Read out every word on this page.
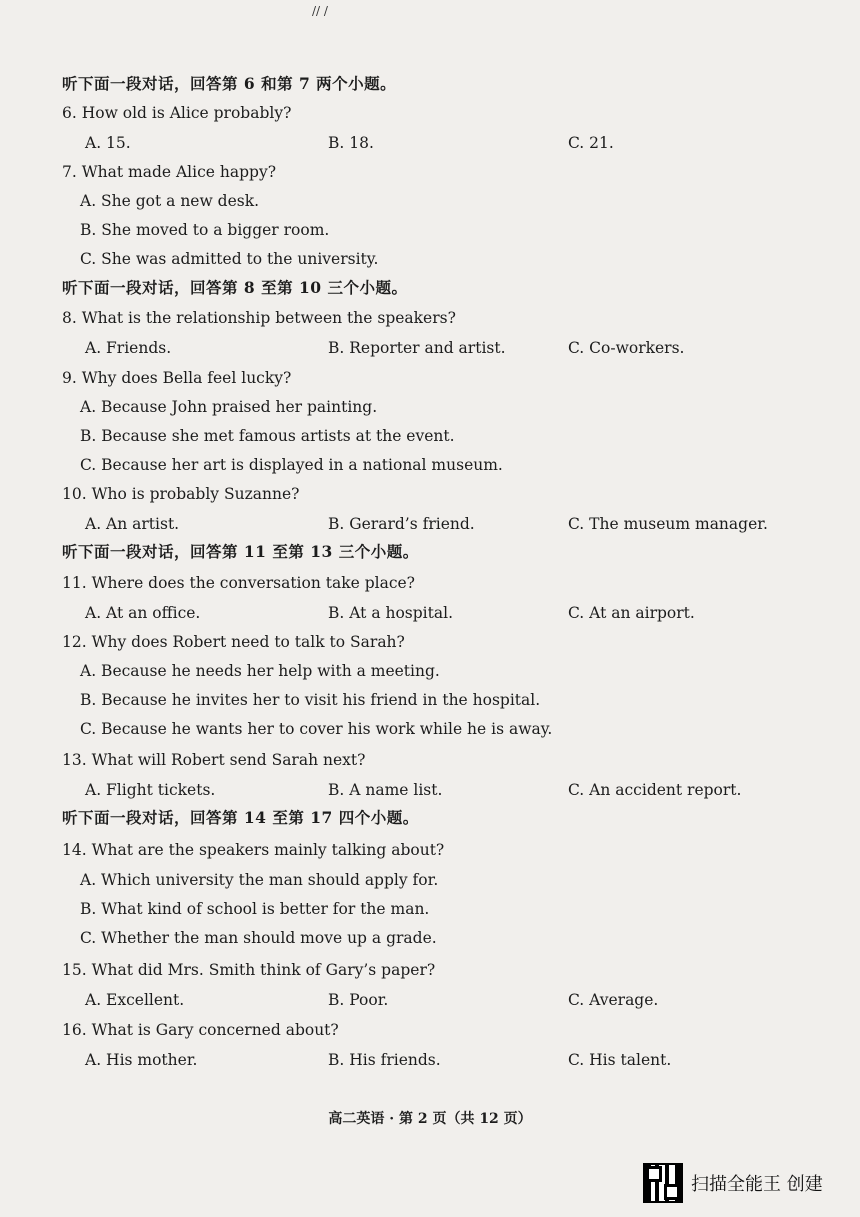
// /
听下面一段对话，回答第 6 和第 7 两个小题。
6. How old is Alice probably?
A. 15.	B. 18.	C. 21.
7. What made Alice happy?
A. She got a new desk.
B. She moved to a bigger room.
C. She was admitted to the university.
听下面一段对话，回答第 8 至第 10 三个小题。
8. What is the relationship between the speakers?
A. Friends.	B. Reporter and artist.	C. Co-workers.
9. Why does Bella feel lucky?
A. Because John praised her painting.
B. Because she met famous artists at the event.
C. Because her art is displayed in a national museum.
10. Who is probably Suzanne?
A. An artist.	B. Gerard’s friend.	C. The museum manager.
听下面一段对话，回答第 11 至第 13 三个小题。
11. Where does the conversation take place?
A. At an office.	B. At a hospital.	C. At an airport.
12. Why does Robert need to talk to Sarah?
A. Because he needs her help with a meeting.
B. Because he invites her to visit his friend in the hospital.
C. Because he wants her to cover his work while he is away.
13. What will Robert send Sarah next?
A. Flight tickets.	B. A name list.	C. An accident report.
听下面一段对话，回答第 14 至第 17 四个小题。
14. What are the speakers mainly talking about?
A. Which university the man should apply for.
B. What kind of school is better for the man.
C. Whether the man should move up a grade.
15. What did Mrs. Smith think of Gary’s paper?
A. Excellent.	B. Poor.	C. Average.
16. What is Gary concerned about?
A. His mother.	B. His friends.	C. His talent.
高二英语 · 第 2 页（共 12 页）
扫描全能王 创建
